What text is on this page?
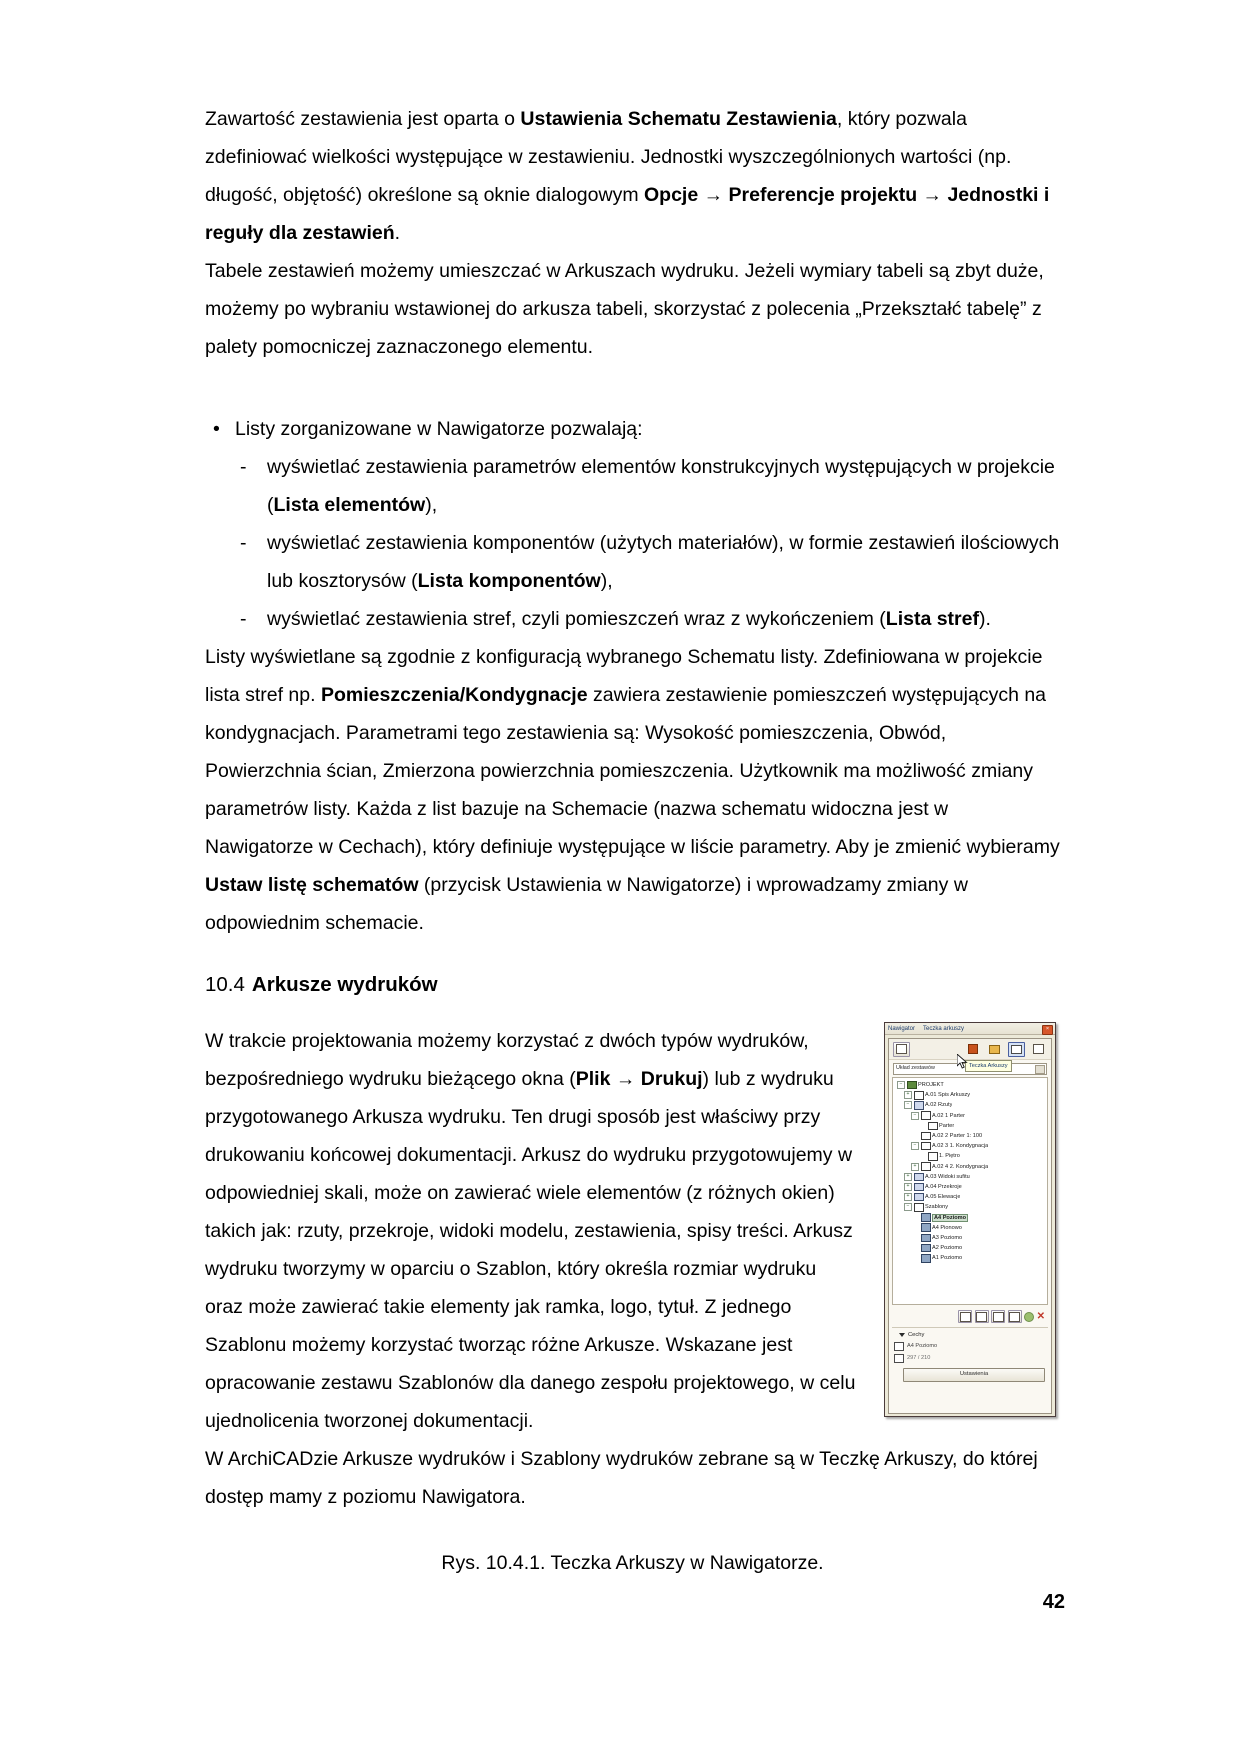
Zawartość zestawienia jest oparta o Ustawienia Schematu Zestawienia, który pozwala zdefiniować wielkości występujące w zestawieniu. Jednostki wyszczególnionych wartości (np. długość, objętość) określone są oknie dialogowym Opcje → Preferencje projektu → Jednostki i reguły dla zestawień.
Tabele zestawień możemy umieszczać w Arkuszach wydruku. Jeżeli wymiary tabeli są zbyt duże, możemy po wybraniu wstawionej do arkusza tabeli, skorzystać z polecenia „Przekształć tabelę” z palety pomocniczej zaznaczonego elementu.
• Listy zorganizowane w Nawigatorze pozwalają:
- wyświetlać zestawienia parametrów elementów konstrukcyjnych występujących w projekcie (Lista elementów),
- wyświetlać zestawienia komponentów (użytych materiałów), w formie zestawień ilościowych lub kosztorysów (Lista komponentów),
- wyświetlać zestawienia stref, czyli pomieszczeń wraz z wykończeniem (Lista stref).
Listy wyświetlane są zgodnie z konfiguracją wybranego Schematu listy. Zdefiniowana w projekcie lista stref np. Pomieszczenia/Kondygnacje zawiera zestawienie pomieszczeń występujących na kondygnacjach. Parametrami tego zestawienia są: Wysokość pomieszczenia, Obwód, Powierzchnia ścian, Zmierzona powierzchnia pomieszczenia. Użytkownik ma możliwość zmiany parametrów listy. Każda z list bazuje na Schemacie (nazwa schematu widoczna jest w Nawigatorze w Cechach), który definiuje występujące w liście parametry. Aby je zmienić wybieramy Ustaw listę schematów (przycisk Ustawienia w Nawigatorze) i wprowadzamy zmiany w odpowiednim schemacie.
10.4 Arkusze wydruków
Nawigator Teczka arkuszy	×
Teczka Arkuszy
Układ zestawów
−	PROJEKT
+	A.01 Spis Arkuszy
−	A.02 Rzuty
−	A.02 1 Parter
Parter
A.02 2 Parter 1: 100
−	A.02 3 1. Kondygnacja
1. Piętro
+	A.02 4 2. Kondygnacja
+	A.03 Widoki sufitu
+	A.04 Przekroje
+	A.05 Elewacje
−	Szablony
A4 Poziomo
A4 Pionowo
A3 Poziomo
A2 Poziomo
A1 Poziomo
✕
Cechy
A4 Poziomo
297 / 210
Ustawienia
W trakcie projektowania możemy korzystać z dwóch typów wydruków, bezpośredniego wydruku bieżącego okna (Plik → Drukuj) lub z wydruku przygotowanego Arkusza wydruku. Ten drugi sposób jest właściwy przy drukowaniu końcowej dokumentacji. Arkusz do wydruku przygotowujemy w odpowiedniej skali, może on zawierać wiele elementów (z różnych okien) takich jak: rzuty, przekroje, widoki modelu, zestawienia, spisy treści. Arkusz wydruku tworzymy w oparciu o Szablon, który określa rozmiar wydruku oraz może zawierać takie elementy jak ramka, logo, tytuł. Z jednego Szablonu możemy korzystać tworząc różne Arkusze. Wskazane jest opracowanie zestawu Szablonów dla danego zespołu projektowego, w celu ujednolicenia tworzonej dokumentacji.
W ArchiCADzie Arkusze wydruków i Szablony wydruków zebrane są w Teczkę Arkuszy, do której dostęp mamy z poziomu Nawigatora.
Rys. 10.4.1. Teczka Arkuszy w Nawigatorze.
42
